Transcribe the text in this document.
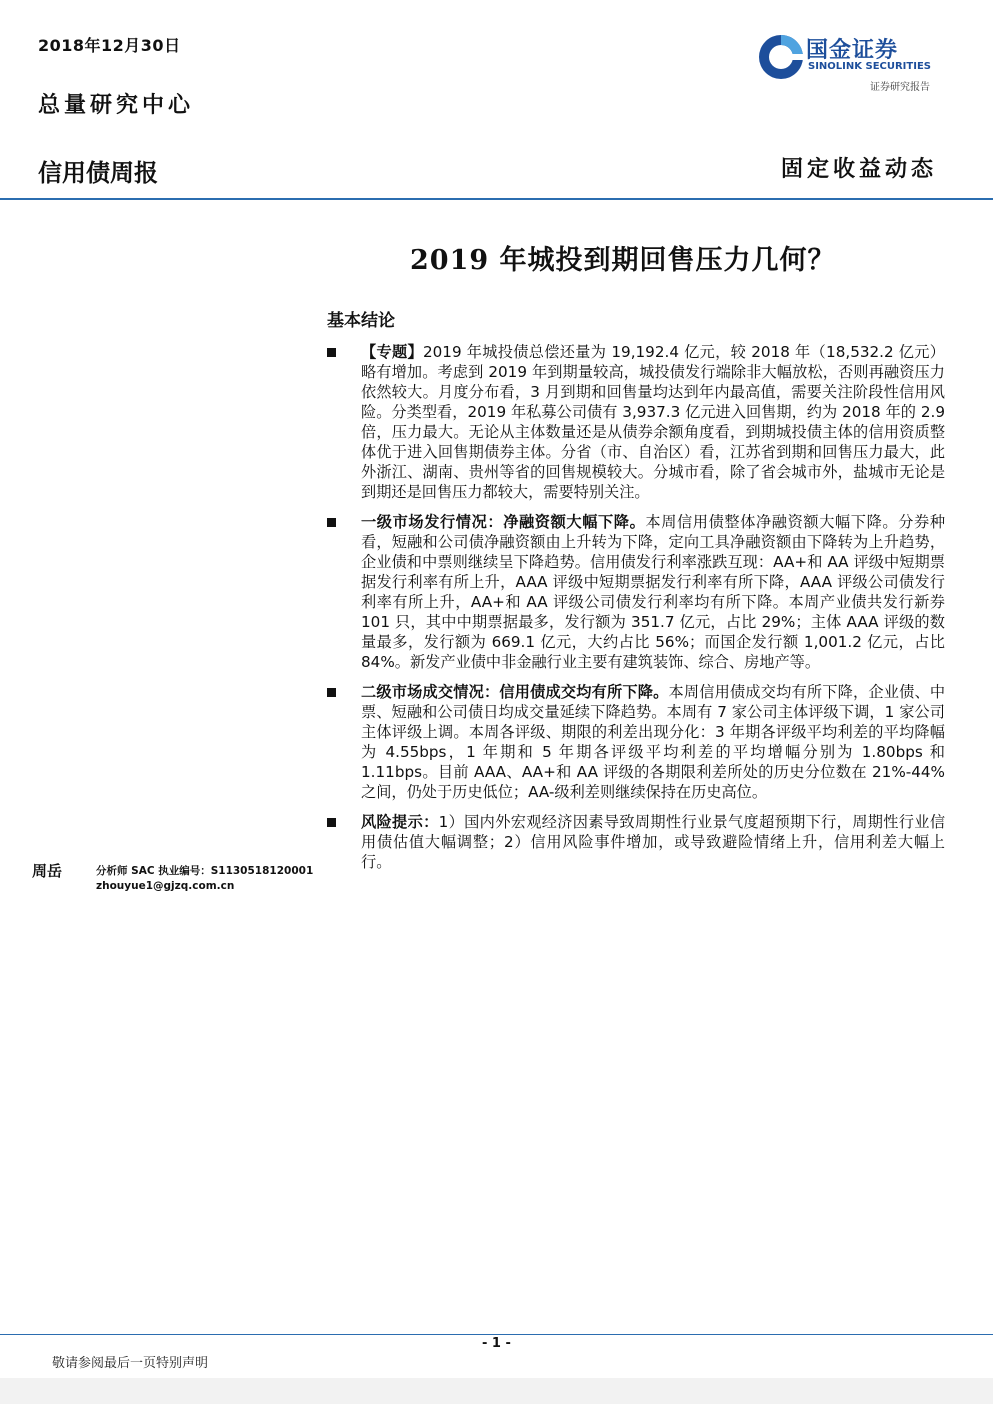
2018年12月30日
总量研究中心
信用债周报	固定收益动态
国金证券
SINOLINK SECURITIES
证券研究报告
2019 年城投到期回售压力几何？
基本结论
【专题】2019 年城投债总偿还量为 19,192.4 亿元，较 2018 年（18,532.2 亿元）略有增加。考虑到 2019 年到期量较高，城投债发行端除非大幅放松，否则再融资压力依然较大。月度分布看，3 月到期和回售量均达到年内最高值，需要关注阶段性信用风险。分类型看，2019 年私募公司债有 3,937.3 亿元进入回售期，约为 2018 年的 2.9 倍，压力最大。无论从主体数量还是从债券余额角度看，到期城投债主体的信用资质整体优于进入回售期债券主体。分省（市、自治区）看，江苏省到期和回售压力最大，此外浙江、湖南、贵州等省的回售规模较大。分城市看，除了省会城市外，盐城市无论是到期还是回售压力都较大，需要特别关注。
一级市场发行情况：净融资额大幅下降。本周信用债整体净融资额大幅下降。分券种看，短融和公司债净融资额由上升转为下降，定向工具净融资额由下降转为上升趋势，企业债和中票则继续呈下降趋势。信用债发行利率涨跌互现：AA+和 AA 评级中短期票据发行利率有所上升，AAA 评级中短期票据发行利率有所下降，AAA 评级公司债发行利率有所上升，AA+和 AA 评级公司债发行利率均有所下降。本周产业债共发行新券 101 只，其中中期票据最多，发行额为 351.7 亿元，占比 29%；主体 AAA 评级的数量最多，发行额为 669.1 亿元，大约占比 56%；而国企发行额 1,001.2 亿元，占比 84%。新发产业债中非金融行业主要有建筑装饰、综合、房地产等。
二级市场成交情况：信用债成交均有所下降。本周信用债成交均有所下降，企业债、中票、短融和公司债日均成交量延续下降趋势。本周有 7 家公司主体评级下调，1 家公司主体评级上调。本周各评级、期限的利差出现分化：3 年期各评级平均利差的平均降幅为 4.55bps，1 年期和 5 年期各评级平均利差的平均增幅分别为 1.80bps 和 1.11bps。目前 AAA、AA+和 AA 评级的各期限利差所处的历史分位数在 21%-44%之间，仍处于历史低位；AA-级利差则继续保持在历史高位。
风险提示：1）国内外宏观经济因素导致周期性行业景气度超预期下行，周期性行业信用债估值大幅调整；2）信用风险事件增加，或导致避险情绪上升，信用利差大幅上行。
周岳	分析师 SAC 执业编号：S1130518120001
zhouyue1@gjzq.com.cn
- 1 -
敬请参阅最后一页特别声明
